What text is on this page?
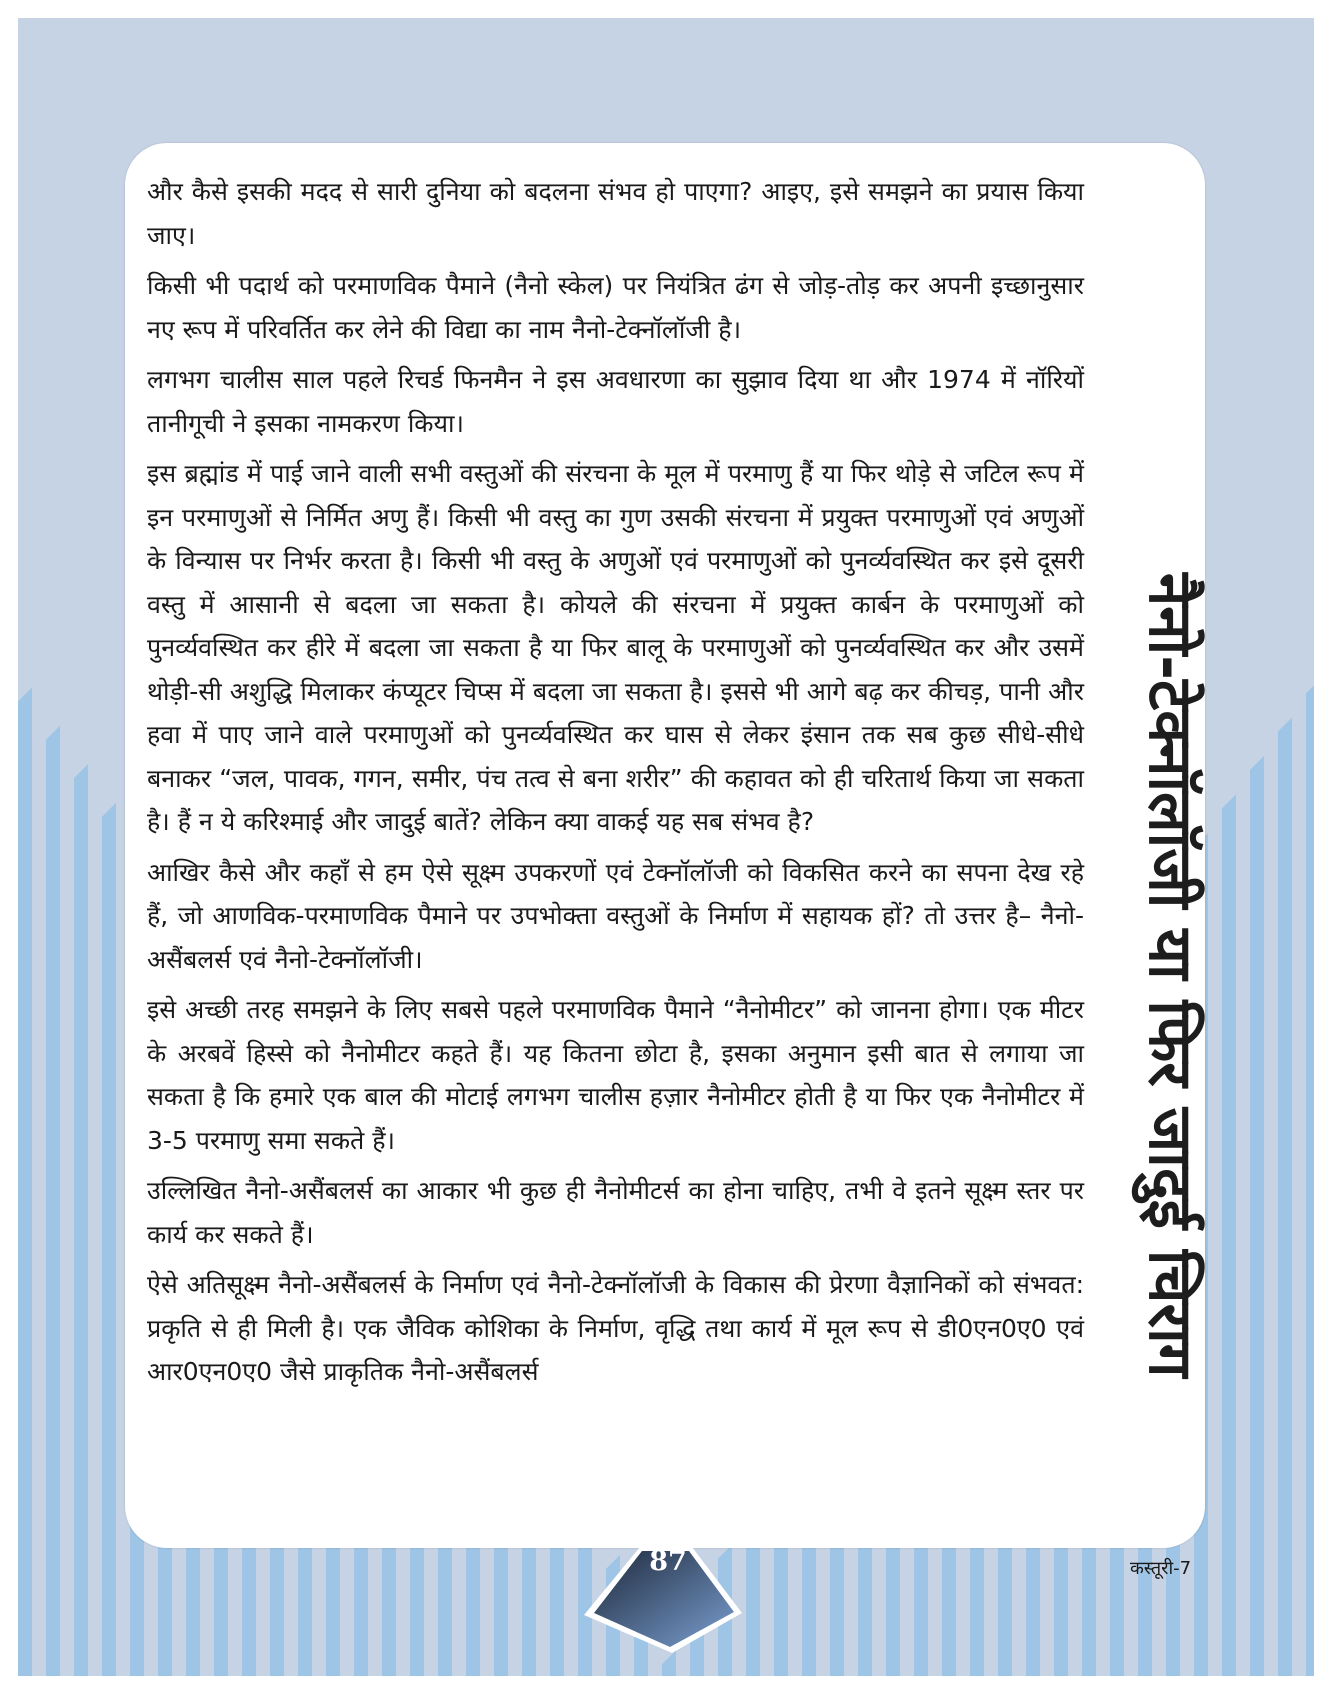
और कैसे इसकी मदद से सारी दुनिया को बदलना संभव हो पाएगा? आइए, इसे समझने का प्रयास किया जाए।

किसी भी पदार्थ को परमाणविक पैमाने (नैनो स्केल) पर नियंत्रित ढंग से जोड़-तोड़ कर अपनी इच्छानुसार नए रूप में परिवर्तित कर लेने की विद्या का नाम नैनो-टेक्नॉलॉजी है।

लगभग चालीस साल पहले रिचर्ड फिनमैन ने इस अवधारणा का सुझाव दिया था और 1974 में नॉरियों तानीगूची ने इसका नामकरण किया।

इस ब्रह्मांड में पाई जाने वाली सभी वस्तुओं की संरचना के मूल में परमाणु हैं या फिर थोड़े से जटिल रूप में इन परमाणुओं से निर्मित अणु हैं। किसी भी वस्तु का गुण उसकी संरचना में प्रयुक्त परमाणुओं एवं अणुओं के विन्यास पर निर्भर करता है। किसी भी वस्तु के अणुओं एवं परमाणुओं को पुनर्व्यवस्थित कर इसे दूसरी वस्तु में आसानी से बदला जा सकता है। कोयले की संरचना में प्रयुक्त कार्बन के परमाणुओं को पुनर्व्यवस्थित कर हीरे में बदला जा सकता है या फिर बालू के परमाणुओं को पुनर्व्यवस्थित कर और उसमें थोड़ी-सी अशुद्धि मिलाकर कंप्यूटर चिप्स में बदला जा सकता है। इससे भी आगे बढ़ कर कीचड़, पानी और हवा में पाए जाने वाले परमाणुओं को पुनर्व्यवस्थित कर घास से लेकर इंसान तक सब कुछ सीधे-सीधे बनाकर “जल, पावक, गगन, समीर, पंच तत्व से बना शरीर” की कहावत को ही चरितार्थ किया जा सकता है। हैं न ये करिश्माई और जादुई बातें? लेकिन क्या वाकई यह सब संभव है?

आखिर कैसे और कहाँ से हम ऐसे सूक्ष्म उपकरणों एवं टेक्नॉलॉजी को विकसित करने का सपना देख रहे हैं, जो आणविक-परमाणविक पैमाने पर उपभोक्ता वस्तुओं के निर्माण में सहायक हों? तो उत्तर है– नैनो-असैंबलर्स एवं नैनो-टेक्नॉलॉजी।

इसे अच्छी तरह समझने के लिए सबसे पहले परमाणविक पैमाने “नैनोमीटर” को जानना होगा। एक मीटर के अरबवें हिस्से को नैनोमीटर कहते हैं। यह कितना छोटा है, इसका अनुमान इसी बात से लगाया जा सकता है कि हमारे एक बाल की मोटाई लगभग चालीस हज़ार नैनोमीटर होती है या फिर एक नैनोमीटर में 3-5 परमाणु समा सकते हैं।

उल्लिखित नैनो-असैंबलर्स का आकार भी कुछ ही नैनोमीटर्स का होना चाहिए, तभी वे इतने सूक्ष्म स्तर पर कार्य कर सकते हैं।

ऐसे अतिसूक्ष्म नैनो-असैंबलर्स के निर्माण एवं नैनो-टेक्नॉलॉजी के विकास की प्रेरणा वैज्ञानिकों को संभवत: प्रकृति से ही मिली है। एक जैविक कोशिका के निर्माण, वृद्धि तथा कार्य में मूल रूप से डी0एन0ए0 एवं आर0एन0ए0 जैसे प्राकृतिक नैनो-असैंबलर्स	नैनो-टेक्नॉलॉजी या फिर जादुई चिराग
87	कस्तूरी-7
